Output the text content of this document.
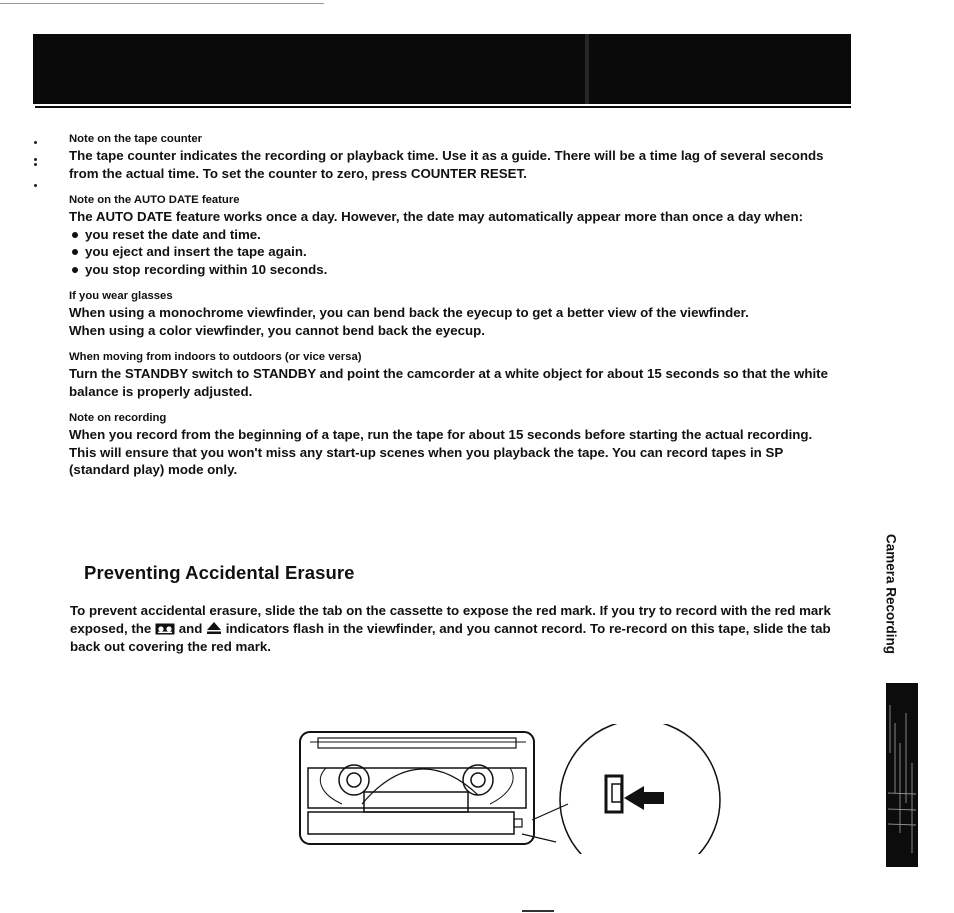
Note on the tape counter

The tape counter indicates the recording or playback time. Use it as a guide. There will be a time lag of several seconds from the actual time. To set the counter to zero, press COUNTER RESET.

Note on the AUTO DATE feature

The AUTO DATE feature works once a day. However, the date may automatically appear more than once a day when:

you reset the date and time.
you eject and insert the tape again.
you stop recording within 10 seconds.
If you wear glasses

When using a monochrome viewfinder, you can bend back the eyecup to get a better view of the viewfinder.

When using a color viewfinder, you cannot bend back the eyecup.

When moving from indoors to outdoors (or vice versa)

Turn the STANDBY switch to STANDBY and point the camcorder at a white object for about 15 seconds so that the white balance is properly adjusted.

Note on recording

When you record from the beginning of a tape, run the tape for about 15 seconds before starting the actual recording. This will ensure that you won't miss any start-up scenes when you playback the tape. You can record tapes in SP (standard play) mode only.

Preventing Accidental Erasure

To prevent accidental erasure, slide the tab on the cassette to expose the red mark. If you try to record with the red mark exposed, the and indicators flash in the viewfinder, and you cannot record. To re-record on this tape, slide the tab back out covering the red mark.	Camera Recording
